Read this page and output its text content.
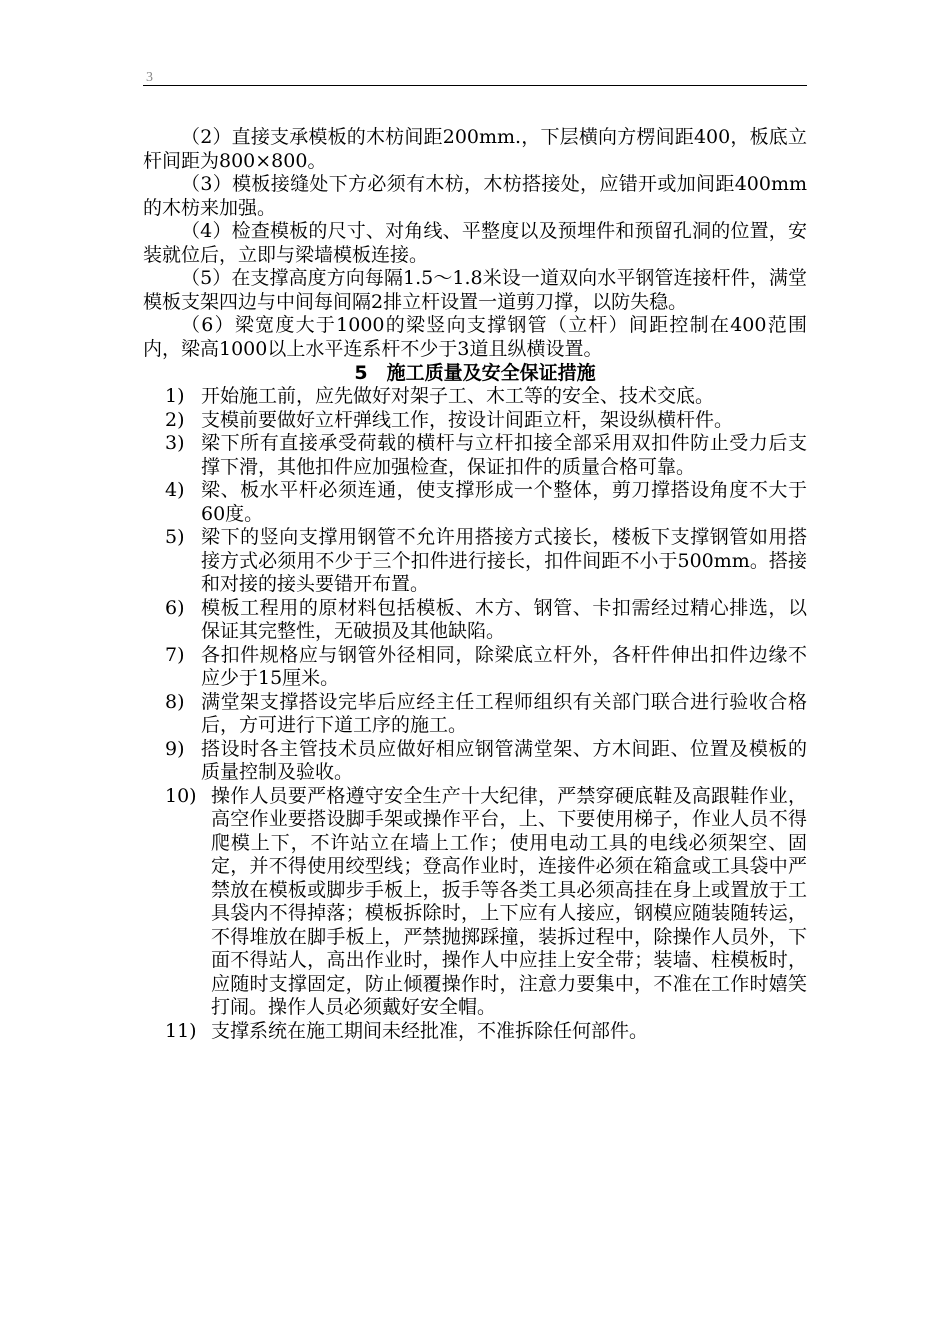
3

（2）直接支承模板的木枋间距200mm.，下层横向方楞间距400，板底立杆间距为800×800。

（3）模板接缝处下方必须有木枋，木枋搭接处，应错开或加间距400mm的木枋来加强。

（4）检查模板的尺寸、对角线、平整度以及预埋件和预留孔洞的位置，安装就位后，立即与梁墙模板连接。

（5）在支撑高度方向每隔1.5～1.8米设一道双向水平钢管连接杆件，满堂模板支架四边与中间每间隔2排立杆设置一道剪刀撑，以防失稳。

（6）梁宽度大于1000的梁竖向支撑钢管（立杆）间距控制在400范围内，梁高1000以上水平连系杆不少于3道且纵横设置。

5　施工质量及安全保证措施

1) 开始施工前，应先做好对架子工、木工等的安全、技术交底。
2) 支模前要做好立杆弹线工作，按设计间距立杆，架设纵横杆件。
3) 梁下所有直接承受荷载的横杆与立杆扣接全部采用双扣件防止受力后支撑下滑，其他扣件应加强检查，保证扣件的质量合格可靠。
4) 梁、板水平杆必须连通，使支撑形成一个整体，剪刀撑搭设角度不大于60度。
5) 梁下的竖向支撑用钢管不允许用搭接方式接长，楼板下支撑钢管如用搭接方式必须用不少于三个扣件进行接长，扣件间距不小于500mm。搭接和对接的接头要错开布置。
6) 模板工程用的原材料包括模板、木方、钢管、卡扣需经过精心排选，以保证其完整性，无破损及其他缺陷。
7) 各扣件规格应与钢管外径相同，除梁底立杆外，各杆件伸出扣件边缘不应少于15厘米。
8) 满堂架支撑搭设完毕后应经主任工程师组织有关部门联合进行验收合格后，方可进行下道工序的施工。
9) 搭设时各主管技术员应做好相应钢管满堂架、方木间距、位置及模板的质量控制及验收。
10) 操作人员要严格遵守安全生产十大纪律，严禁穿硬底鞋及高跟鞋作业，高空作业要搭设脚手架或操作平台，上、下要使用梯子，作业人员不得爬模上下，不许站立在墙上工作；使用电动工具的电线必须架空、固定，并不得使用绞型线；登高作业时，连接件必须在箱盒或工具袋中严禁放在模板或脚步手板上，扳手等各类工具必须高挂在身上或置放于工具袋内不得掉落；模板拆除时，上下应有人接应，钢模应随装随转运，不得堆放在脚手板上，严禁抛掷踩撞，装拆过程中，除操作人员外，下面不得站人，高出作业时，操作人中应挂上安全带；装墙、柱模板时，应随时支撑固定，防止倾覆操作时，注意力要集中，不准在工作时嬉笑打闹。操作人员必须戴好安全帽。
11) 支撑系统在施工期间未经批准，不准拆除任何部件。
